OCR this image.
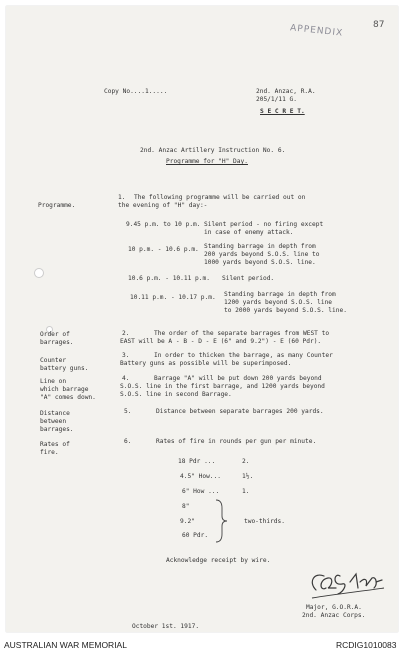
APPENDIX	87
Copy No....1.....	2nd. Anzac, R.A.
205/1/11 G.
S E C R E T.
2nd. Anzac Artillery Instruction No. 6.
Programme for "H" Day.
Programme.
1. The following programme will be carried out on
the evening of "H" day:-
9.45 p.m. to 10 p.m. Silent period - no firing except
in case of enemy attack.
10 p.m. - 10.6 p.m. Standing barrage in depth from
200 yards beyond S.O.S. line to
1000 yards beyond S.O.S. line.
10.6 p.m. - 10.11 p.m. Silent period.
10.11 p.m. - 10.17 p.m. Standing barrage in depth from
1200 yards beyond S.O.S. line
to 2000 yards beyond S.O.S. line.
Order of
barrages.
2.	The order of the separate barrages from WEST to
EAST will be A - B - D - E (6" and 9.2") - E (60 Pdr).
Counter
battery guns.
3.	In order to thicken the barrage, as many Counter
Battery guns as possible will be superimposed.
Line on
which barrage
"A" comes down.
4.	Barrage "A" will be put down 200 yards beyond
S.O.S. line in the first barrage, and 1200 yards beyond
S.O.S. line in second Barrage.
Distance
between
barrages.
5.	Distance between separate barrages 200 yards.
Rates of
fire.
6.	Rates of fire in rounds per gun per minute.
18 Pdr ...	2.
4.5" How...	1½.
6" How ...	1.
8"
9.2"	two-thirds.
60 Pdr.
Acknowledge receipt by wire.
Major, G.O.R.A.
2nd. Anzac Corps.
October 1st. 1917.
AUSTRALIAN WAR MEMORIAL	RCDIG1010083
